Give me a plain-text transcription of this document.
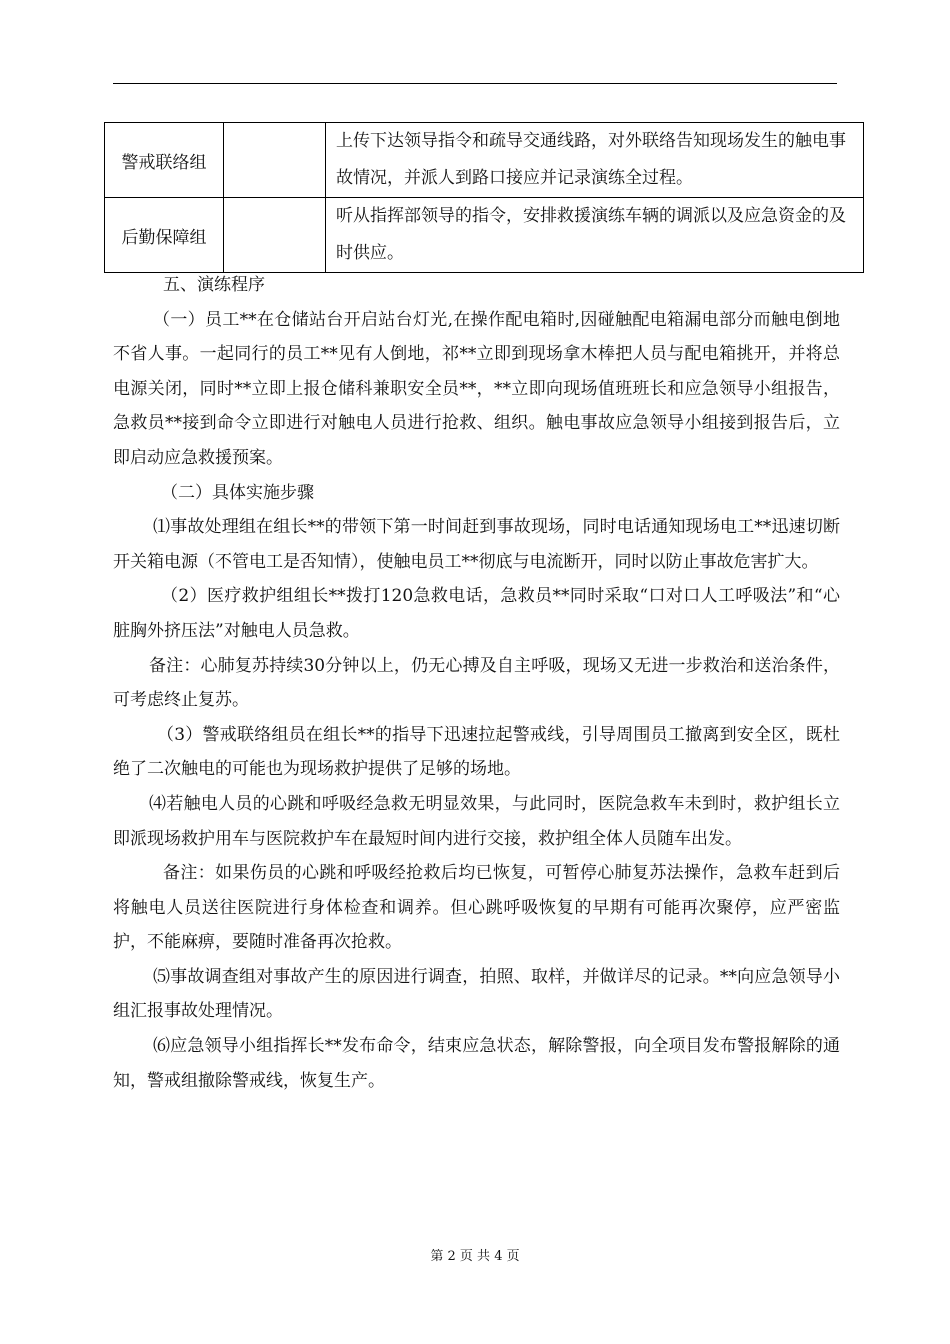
警戒联络组		上传下达领导指令和疏导交通线路，对外联络告知现场发生的触电事故情况，并派人到路口接应并记录演练全过程。
后勤保障组		听从指挥部领导的指令，安排救援演练车辆的调派以及应急资金的及时供应。

五、演练程序

（一）员工**在仓储站台开启站台灯光,在操作配电箱时,因碰触配电箱漏电部分而触电倒地不省人事。一起同行的员工**见有人倒地，祁**立即到现场拿木棒把人员与配电箱挑开，并将总电源关闭，同时**立即上报仓储科兼职安全员**，**立即向现场值班班长和应急领导小组报告，急救员**接到命令立即进行对触电人员进行抢救、组织。触电事故应急领导小组接到报告后，立即启动应急救援预案。

（二）具体实施步骤

⑴事故处理组在组长**的带领下第一时间赶到事故现场，同时电话通知现场电工**迅速切断开关箱电源（不管电工是否知情），使触电员工**彻底与电流断开，同时以防止事故危害扩大。

（2）医疗救护组组长**拨打120急救电话，急救员**同时采取“口对口人工呼吸法”和“心脏胸外挤压法”对触电人员急救。

备注：心肺复苏持续30分钟以上，仍无心搏及自主呼吸，现场又无进一步救治和送治条件，可考虑终止复苏。

（3）警戒联络组员在组长**的指导下迅速拉起警戒线，引导周围员工撤离到安全区，既杜绝了二次触电的可能也为现场救护提供了足够的场地。

⑷若触电人员的心跳和呼吸经急救无明显效果，与此同时，医院急救车未到时，救护组长立即派现场救护用车与医院救护车在最短时间内进行交接，救护组全体人员随车出发。

备注：如果伤员的心跳和呼吸经抢救后均已恢复，可暂停心肺复苏法操作，急救车赶到后将触电人员送往医院进行身体检查和调养。但心跳呼吸恢复的早期有可能再次聚停，应严密监护，不能麻痹，要随时准备再次抢救。

⑸事故调查组对事故产生的原因进行调查，拍照、取样，并做详尽的记录。**向应急领导小组汇报事故处理情况。

⑹应急领导小组指挥长**发布命令，结束应急状态，解除警报，向全项目发布警报解除的通知，警戒组撤除警戒线，恢复生产。

第 2 页 共 4 页
